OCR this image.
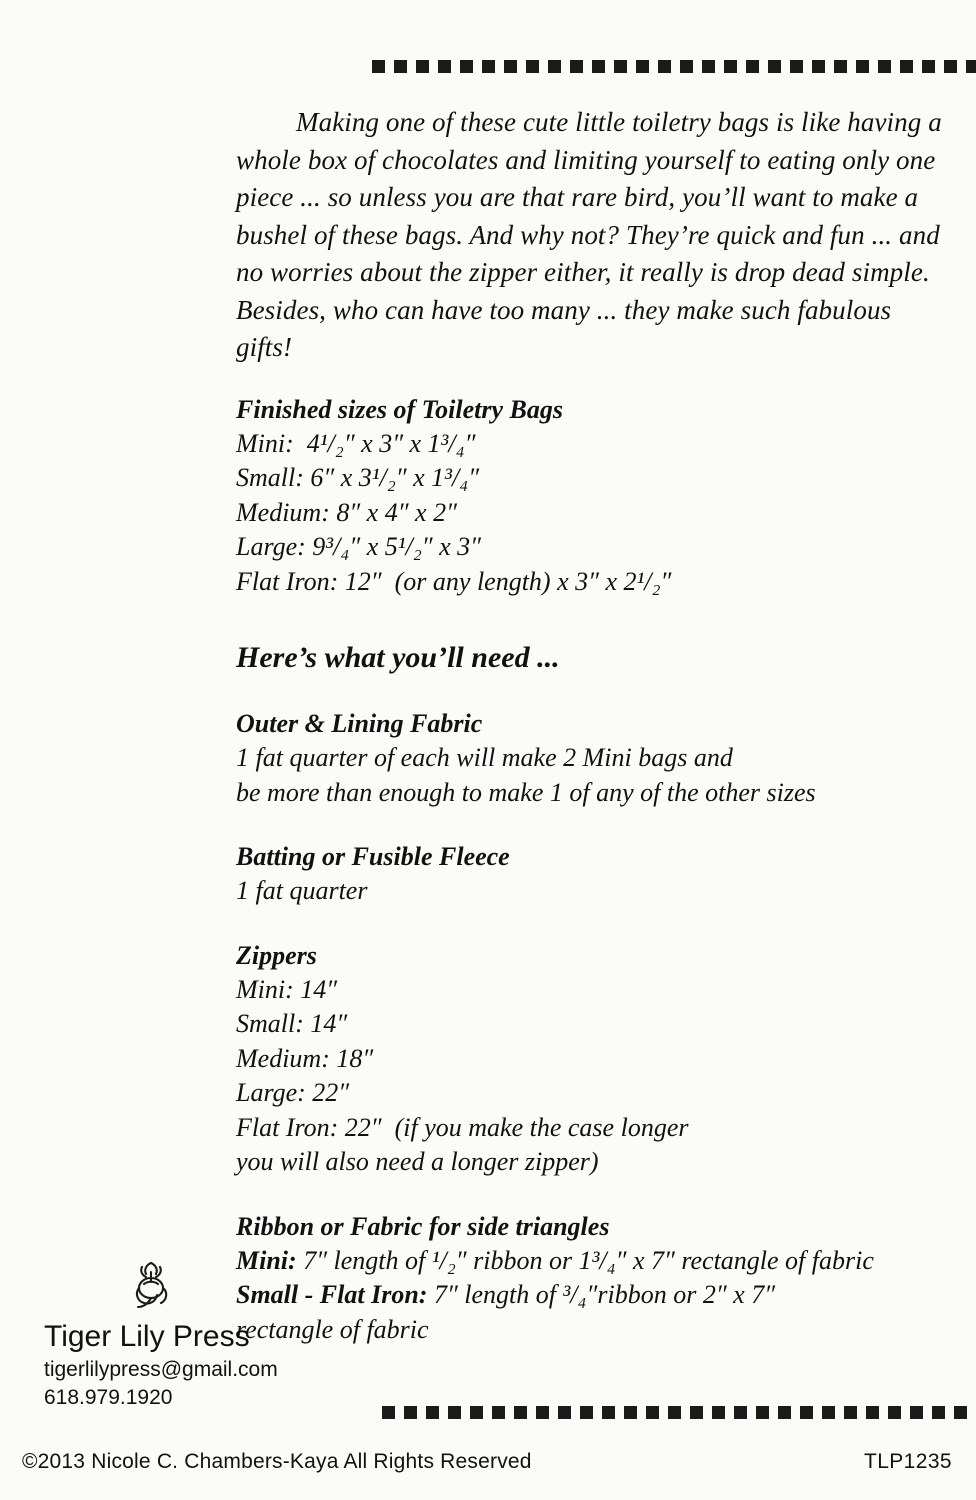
Making one of these cute little toiletry bags is like having a whole box of chocolates and limiting yourself to eating only one piece ... so unless you are that rare bird, you’ll want to make a bushel of these bags. And why not? They’re quick and fun ... and no worries about the zipper either, it really is drop dead simple. Besides, who can have too many ... they make such fabulous gifts!

Finished sizes of Toiletry Bags
Mini:  4¹/₂″ x 3″ x 1³/₄″
Small: 6″ x 3¹/₂″ x 1³/₄″
Medium: 8″ x 4″ x 2″
Large: 9³/₄″ x 5¹/₂″ x 3″
Flat Iron: 12″  (or any length) x 3″ x 2¹/₂″
Here’s what you’ll need ...
Outer & Lining Fabric
1 fat quarter of each will make 2 Mini bags and
be more than enough to make 1 of any of the other sizes
Batting or Fusible Fleece
1 fat quarter
Zippers
Mini: 14″
Small: 14″
Medium: 18″
Large: 22″
Flat Iron: 22″  (if you make the case longer
you will also need a longer zipper)
Ribbon or Fabric for side triangles
Mini: 7″ length of ¹/₂″ ribbon or 1³/₄″ x 7″ rectangle of fabric
Small - Flat Iron: 7″ length of ³/₄″ribbon or 2″ x 7″
rectangle of fabric
Tiger Lily Press
tigerlilypress@gmail.com
618.979.1920
©2013 Nicole C. Chambers-Kaya All Rights Reserved	TLP1235
